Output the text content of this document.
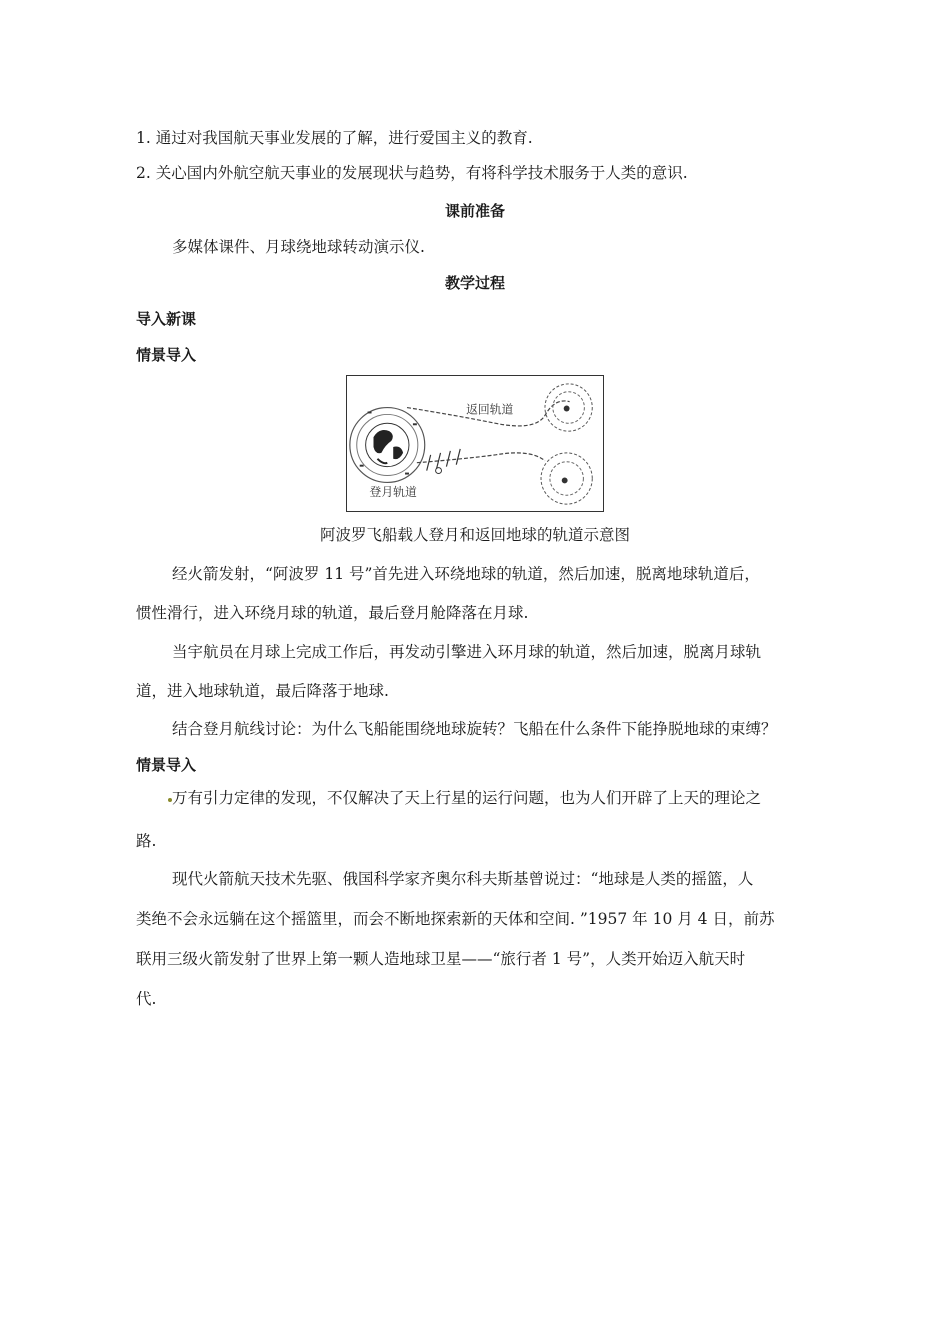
1. 通过对我国航天事业发展的了解，进行爱国主义的教育.
2. 关心国内外航空航天事业的发展现状与趋势，有将科学技术服务于人类的意识.
课前准备
多媒体课件、月球绕地球转动演示仪.
教学过程
导入新课
情景导入
返回轨道
登月轨道
阿波罗飞船载人登月和返回地球的轨道示意图
经火箭发射，“阿波罗 11 号”首先进入环绕地球的轨道，然后加速，脱离地球轨道后，
惯性滑行，进入环绕月球的轨道，最后登月舱降落在月球.
当宇航员在月球上完成工作后，再发动引擎进入环月球的轨道，然后加速，脱离月球轨
道，进入地球轨道，最后降落于地球.
结合登月航线讨论：为什么飞船能围绕地球旋转？飞船在什么条件下能挣脱地球的束缚？
情景导入
万有引力定律的发现，不仅解决了天上行星的运行问题，也为人们开辟了上天的理论之
路.
现代火箭航天技术先驱、俄国科学家齐奥尔科夫斯基曾说过：“地球是人类的摇篮，人
类绝不会永远躺在这个摇篮里，而会不断地探索新的天体和空间. ”1957 年 10 月 4 日，前苏
联用三级火箭发射了世界上第一颗人造地球卫星——“旅行者 1 号”，人类开始迈入航天时
代.
